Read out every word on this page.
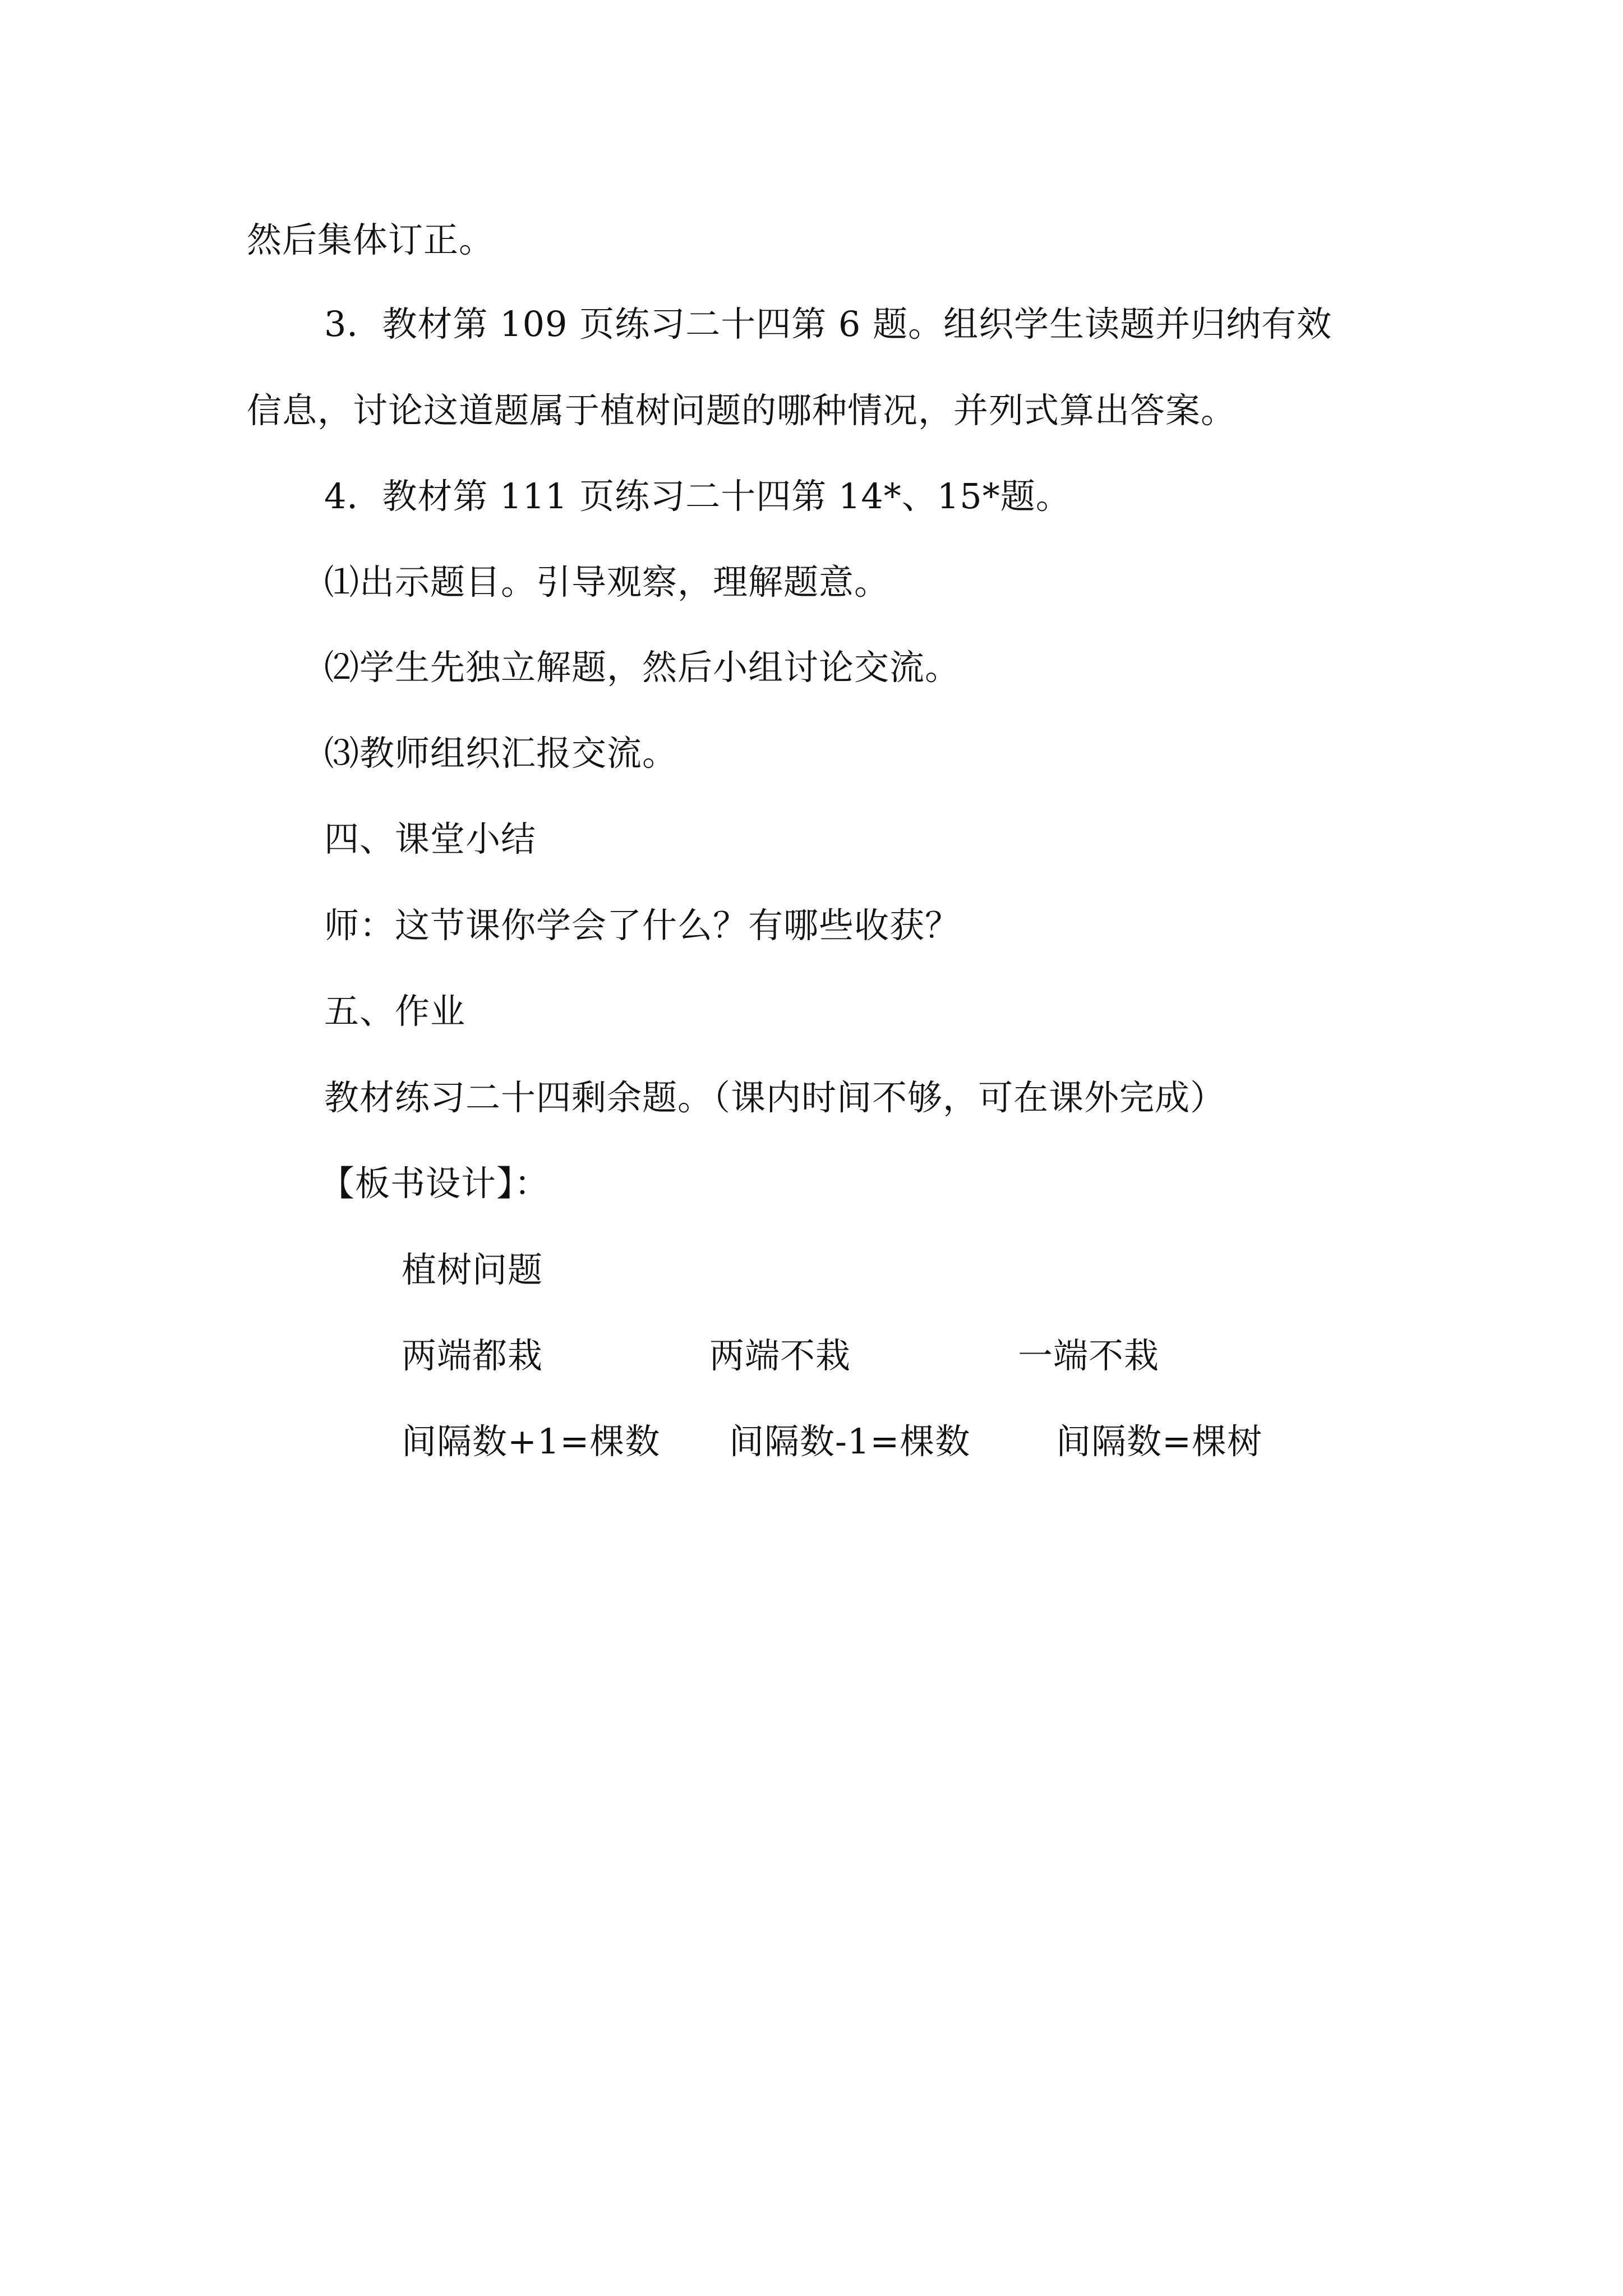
然后集体订正。
3．教材第 109 页练习二十四第 6 题。组织学生读题并归纳有效
信息，讨论这道题属于植树问题的哪种情况，并列式算出答案。
4．教材第 111 页练习二十四第 14*、15*题。
⑴出示题目。引导观察，理解题意。
⑵学生先独立解题，然后小组讨论交流。
⑶教师组织汇报交流。
四、课堂小结
师：这节课你学会了什么？有哪些收获？
五、作业
教材练习二十四剩余题。（课内时间不够，可在课外完成）
【板书设计】：
植树问题
两端都栽	两端不栽	一端不栽
间隔数+1=棵数 间隔数-1=棵数 间隔数=棵树
